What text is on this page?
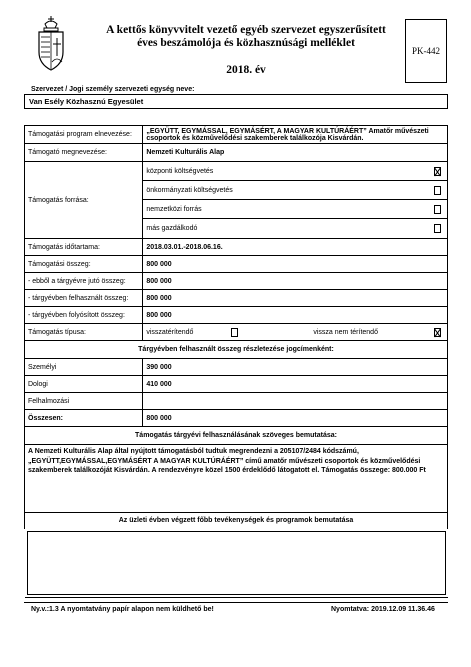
A kettős könyvvitelt vezető egyéb szervezet egyszerűsített
éves beszámolója és közhasznúsági melléklet
2018. év
PK-442
Szervezet / Jogi személy szervezeti egység neve:
Van Esély Közhasznú Egyesület
Támogatási program elnevezése:	„EGYÜTT, EGYMÁSSAL, EGYMÁSÉRT, A MAGYAR KULTÚRÁÉRT” Amatőr művészeti csoportok és közművelődési szakemberek találkozója Kisvárdán.
Támogató megnevezése:	Nemzeti Kulturális Alap
Támogatás forrása:	központi költségvetés
önkormányzati költségvetés
nemzetközi forrás
más gazdálkodó

Támogatás időtartama:	2018.03.01.-2018.06.16.
Támogatási összeg:	800 000
- ebből a tárgyévre jutó összeg:	800 000
- tárgyévben felhasznált összeg:	800 000
- tárgyévben folyósított összeg:	800 000
Támogatás típusa:	visszatérítendő vissza nem térítendő

Tárgyévben felhasznált összeg részletezése jogcímenként:	
Személyi	390 000
Dologi	410 000
Felhalmozási	
Összesen:	800 000
Támogatás tárgyévi felhasználásának szöveges bemutatása:	
A Nemzeti Kulturális Alap által nyújtott támogatásból tudtuk megrendezni a 205107/2484 kódszámú, „EGYÜTT,EGYMÁSSAL,EGYMÁSÉRT A MAGYAR KULTÚRÁÉRT” című amatőr művészeti csoportok és közművelődési szakemberek találkozóját Kisvárdán. A rendezvényre közel 1500 érdeklődő látogatott el. Támogatás összege: 800.000 Ft	
Az üzleti évben végzett főbb tevékenységek és programok bemutatása	

Ny.v.:1.3 A nyomtatvány papír alapon nem küldhető be!	Nyomtatva: 2019.12.09 11.36.46
